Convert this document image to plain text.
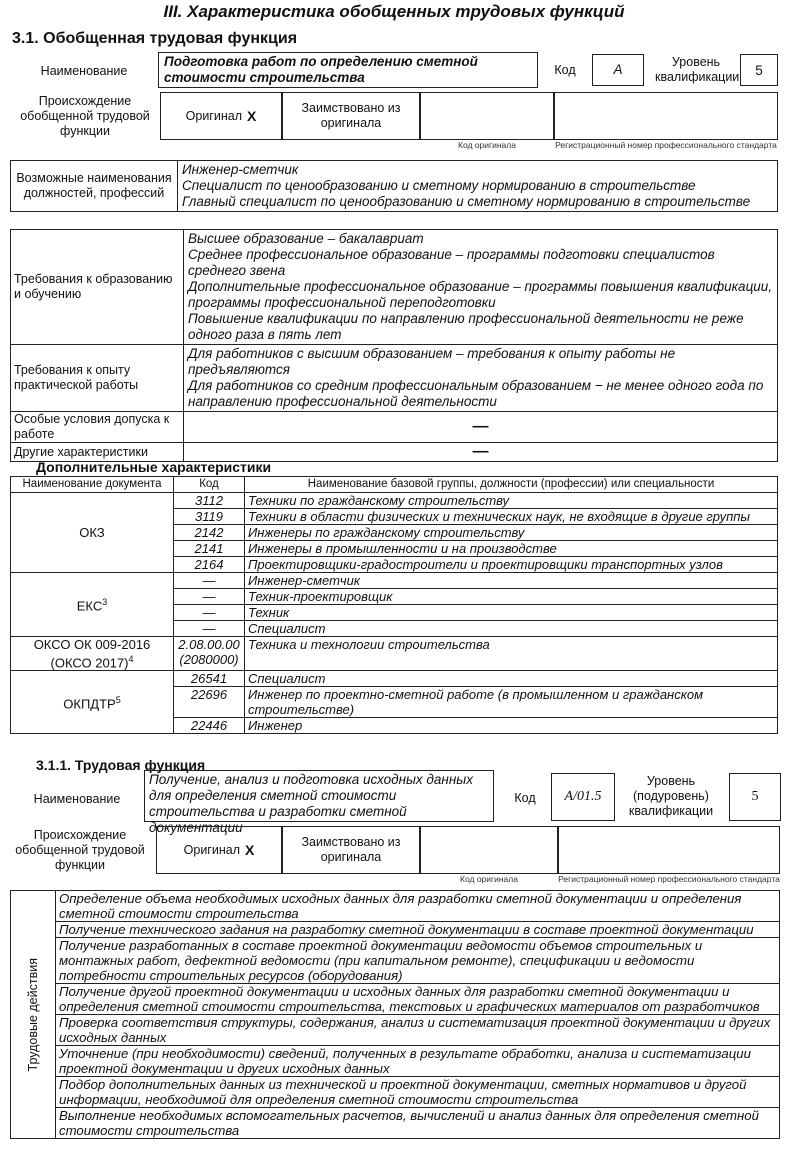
III. Характеристика обобщенных трудовых функций
3.1. Обобщенная трудовая функция
Наименование
Подготовка работ по определению сметной стоимости строительства
Код	A	Уровень квалификации	5
Происхождение обобщенной трудовой функции
Оригинал X	Заимствовано из оригинала
Код оригинала	Регистрационный номер профессионального стандарта
Возможные наименования должностей, профессий	
Инженер-сметчик
Специалист по ценообразованию и сметному нормированию в строительстве
Главный специалист по ценообразованию и сметному нормированию в строительстве
Требования к образованию и обучению	Высшее образование – бакалавриат
Среднее профессиональное образование – программы подготовки специалистов среднего звена
Дополнительные профессиональное образование – программы повышения квалификации, программы профессиональной переподготовки
Повышение квалификации по направлению профессиональной деятельности не реже одного раза в пять лет

Требования к опыту практической работы	Для работников с высшим образованием – требования к опыту работы не предъявляются
Для работников со средним профессиональным образованием − не менее одного года по направлению профессиональной деятельности

Особые условия допуска к работе	—
Другие характеристики	—
Дополнительные характеристики
Наименование документа	Код	Наименование базовой группы, должности (профессии) или специальности
ОКЗ	3112	Техники по гражданскому строительству
	3119	Техники в области физических и технических наук, не входящие в другие группы
	2142	Инженеры по гражданскому строительству
	2141	Инженеры в промышленности и на производстве
	2164	Проектировщики-градостроители и проектировщики транспортных узлов
ЕКС$^3$	—	Инженер-сметчик
	—	Техник-проектировщик
	—	Техник
	—	Специалист
ОКСО ОК 009-2016 (ОКСО 2017)$^4$	2.08.00.00 (2080000)	Техника и технологии строительства
ОКПДТР$^5$	26541	Специалист
	22696	Инженер по проектно-сметной работе (в промышленном и гражданском строительстве)
	22446	Инженер
3.1.1. Трудовая функция
Наименование
Получение, анализ и подготовка исходных данных для определения сметной стоимости строительства и разработки сметной документации
Код	A/01.5
Уровень (подуровень) квалификации
5
Происхождение обобщенной трудовой функции
Оригинал X	Заимствовано из оригинала
Код оригинала	Регистрационный номер профессионального стандарта
Трудовые действия
	Определение объема необходимых исходных данных для разработки сметной документации и определения сметной стоимости строительства
Получение технического задания на разработку сметной документации в составе проектной документации
Получение разработанных в составе проектной документации ведомости объемов строительных и монтажных работ, дефектной ведомости (при капитальном ремонте), спецификации и ведомости потребности строительных ресурсов (оборудования)
Получение другой проектной документации и исходных данных для разработки сметной документации и определения сметной стоимости строительства, текстовых и графических материалов от разработчиков
Проверка соответствия структуры, содержания, анализ и систематизация проектной документации и других исходных данных
Уточнение (при необходимости) сведений, полученных в результате обработки, анализа и систематизации проектной документации и других исходных данных
Подбор дополнительных данных из технической и проектной документации, сметных нормативов и другой информации, необходимой для определения сметной стоимости строительства
Выполнение необходимых вспомогательных расчетов, вычислений и анализ данных для определения сметной стоимости строительства
